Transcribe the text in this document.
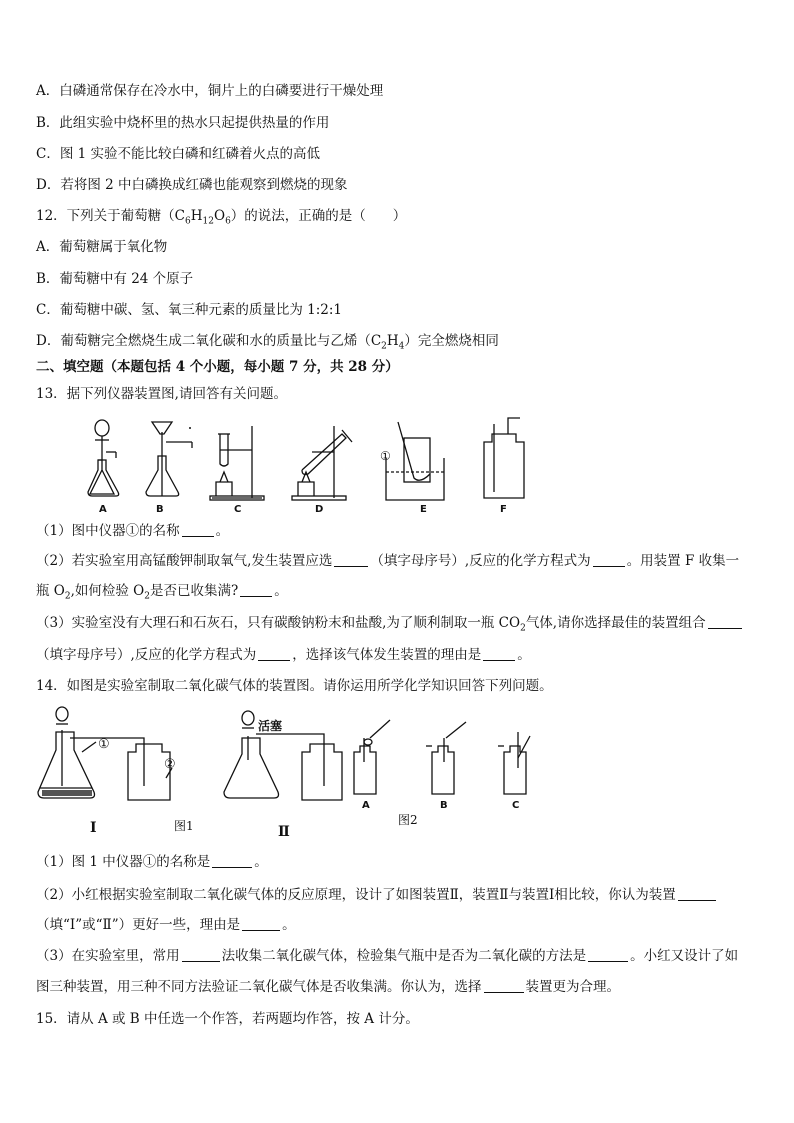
A．白磷通常保存在冷水中，铜片上的白磷要进行干燥处理
B．此组实验中烧杯里的热水只起提供热量的作用
C．图 1 实验不能比较白磷和红磷着火点的高低
D．若将图 2 中白磷换成红磷也能观察到燃烧的现象
12．下列关于葡萄糖$(C_6H_{12}O_6)$的说法，正确的是（　　）
A．葡萄糖属于氧化物
B．葡萄糖中有 24 个原子
C．葡萄糖中碳、氢、氧三种元素的质量比为 1:2:1
D．葡萄糖完全燃烧生成二氧化碳和水的质量比与乙烯$(C_2H_4)$完全燃烧相同
二、填空题（本题包括 4 个小题，每小题 7 分，共 28 分）
13．据下列仪器装置图,请回答有关问题。
①
A	B	C	D	E	F
（1）图中仪器①的名称	。
（2）若实验室用高锰酸钾制取氧气,发生装置应选	（填字母序号）,反应的化学方程式为	。用装置 F 收集一
瓶 $O_2$,如何检验 $O_2$是否已收集满?	。
（3）实验室没有大理石和石灰石，只有碳酸钠粉末和盐酸,为了顺利制取一瓶 $CO_2$气体,请你选择最佳的装置组合
（填字母序号）,反应的化学方程式为	，选择该气体发生装置的理由是	。
14．如图是实验室制取二氧化碳气体的装置图。请你运用所学化学知识回答下列问题。
活塞
①
②
Ⅰ	图1	Ⅱ
图2
A	B	C
（1）图 1 中仪器①的名称是	。
（2）小红根据实验室制取二氧化碳气体的反应原理，设计了如图装置Ⅱ，装置Ⅱ与装置Ⅰ相比较，你认为装置
（填“Ⅰ”或“Ⅱ”）更好一些，理由是	。
（3）在实验室里，常用	法收集二氧化碳气体，检验集气瓶中是否为二氧化碳的方法是	。小红又设计了如
图三种装置，用三种不同方法验证二氧化碳气体是否收集满。你认为，选择	装置更为合理。
15．请从 A 或 B 中任选一个作答，若两题均作答，按 A 计分。
